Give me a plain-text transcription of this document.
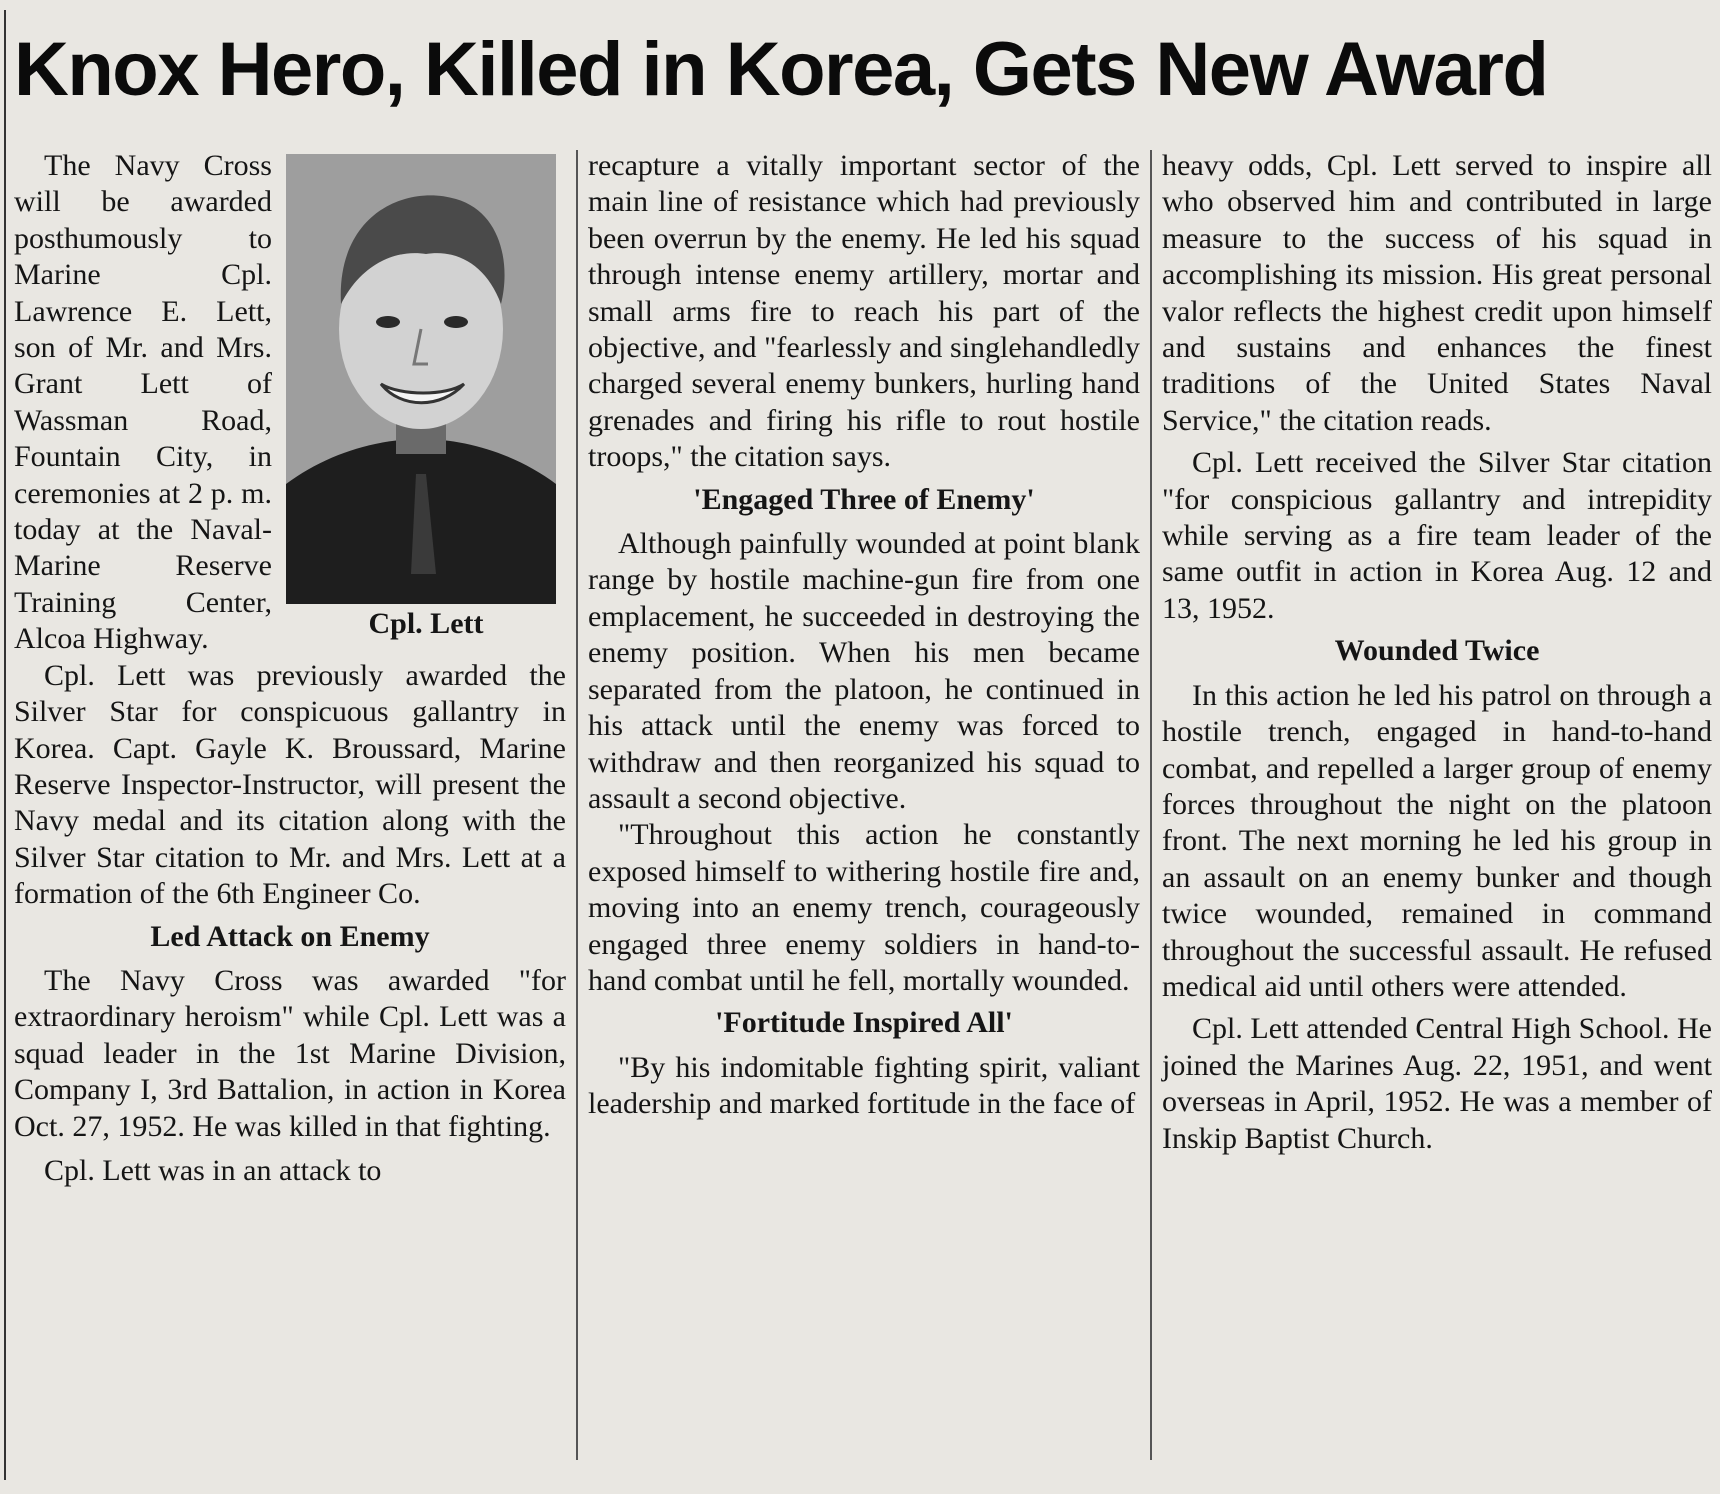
Knox Hero, Killed in Korea, Gets New Award
Cpl. Lett

The Navy Cross will be awarded posthumously to Marine Cpl. Lawrence E. Lett, son of Mr. and Mrs. Grant Lett of Wassman Road, Fountain City, in ceremonies at 2 p. m. today at the Naval-Marine Reserve Training Center, Alcoa Highway.

Cpl. Lett was previously awarded the Silver Star for conspicuous gallantry in Korea. Capt. Gayle K. Broussard, Marine Reserve Inspector-Instructor, will present the Navy medal and its citation along with the Silver Star citation to Mr. and Mrs. Lett at a formation of the 6th Engineer Co.

Led Attack on Enemy

The Navy Cross was awarded "for extraordinary heroism" while Cpl. Lett was a squad leader in the 1st Marine Division, Company I, 3rd Battalion, in action in Korea Oct. 27, 1952. He was killed in that fighting.

Cpl. Lett was in an attack to

recapture a vitally important sector of the main line of resistance which had previously been overrun by the enemy. He led his squad through intense enemy artillery, mortar and small arms fire to reach his part of the objective, and "fearlessly and singlehandledly charged several enemy bunkers, hurling hand grenades and firing his rifle to rout hostile troops," the citation says.

'Engaged Three of Enemy'

Although painfully wounded at point blank range by hostile machine-gun fire from one emplacement, he succeeded in destroying the enemy position. When his men became separated from the platoon, he continued in his attack until the enemy was forced to withdraw and then reorganized his squad to assault a second objective.

"Throughout this action he constantly exposed himself to withering hostile fire and, moving into an enemy trench, courageously engaged three enemy soldiers in hand-to-hand combat until he fell, mortally wounded.

'Fortitude Inspired All'

"By his indomitable fighting spirit, valiant leadership and marked fortitude in the face of

heavy odds, Cpl. Lett served to inspire all who observed him and contributed in large measure to the success of his squad in accomplishing its mission. His great personal valor reflects the highest credit upon himself and sustains and enhances the finest traditions of the United States Naval Service," the citation reads.

Cpl. Lett received the Silver Star citation "for conspicious gallantry and intrepidity while serving as a fire team leader of the same outfit in action in Korea Aug. 12 and 13, 1952.

Wounded Twice

In this action he led his patrol on through a hostile trench, engaged in hand-to-hand combat, and repelled a larger group of enemy forces throughout the night on the platoon front. The next morning he led his group in an assault on an enemy bunker and though twice wounded, remained in command throughout the successful assault. He refused medical aid until others were attended.

Cpl. Lett attended Central High School. He joined the Marines Aug. 22, 1951, and went overseas in April, 1952. He was a member of Inskip Baptist Church.
